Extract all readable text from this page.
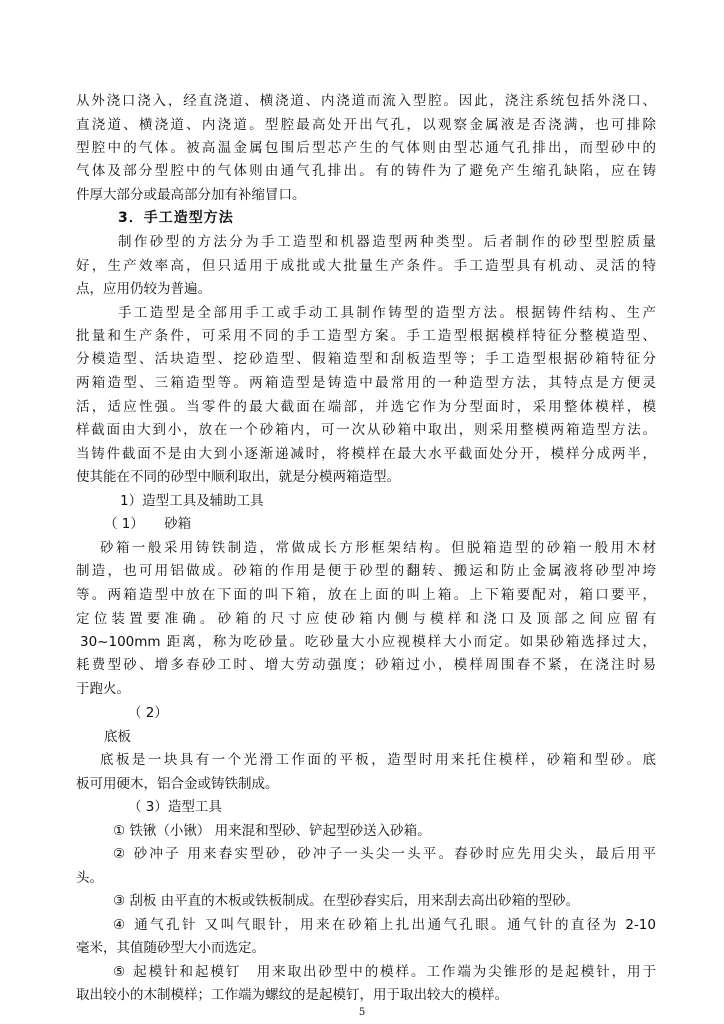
从外浇口浇入，经直浇道、横浇道、内浇道而流入型腔。因此，浇注系统包括外浇口、
直浇道、横浇道、内浇道。型腔最高处开出气孔，以观察金属液是否浇满，也可排除
型腔中的气体。被高温金属包围后型芯产生的气体则由型芯通气孔排出，而型砂中的
气体及部分型腔中的气体则由通气孔排出。有的铸件为了避免产生缩孔缺陷，应在铸
件厚大部分或最高部分加有补缩冒口。
3．手工造型方法
制作砂型的方法分为手工造型和机器造型两种类型。后者制作的砂型型腔质量
好，生产效率高，但只适用于成批或大批量生产条件。手工造型具有机动、灵活的特
点，应用仍较为普遍。
手工造型是全部用手工或手动工具制作铸型的造型方法。根据铸件结构、生产
批量和生产条件，可采用不同的手工造型方案。手工造型根据模样特征分整模造型、
分模造型、活块造型、挖砂造型、假箱造型和刮板造型等；手工造型根据砂箱特征分
两箱造型、三箱造型等。两箱造型是铸造中最常用的一种造型方法，其特点是方便灵
活，适应性强。当零件的最大截面在端部，并选它作为分型面时，采用整体模样，模
样截面由大到小，放在一个砂箱内，可一次从砂箱中取出，则采用整模两箱造型方法。
当铸件截面不是由大到小逐渐递减时，将模样在最大水平截面处分开，模样分成两半，
使其能在不同的砂型中顺利取出，就是分模两箱造型。
1）造型工具及辅助工具
（ 1）　　砂箱
砂箱一般采用铸铁制造，常做成长方形框架结构。但脱箱造型的砂箱一般用木材
制造，也可用铝做成。砂箱的作用是便于砂型的翻转、搬运和防止金属液将砂型冲垮
等。两箱造型中放在下面的叫下箱，放在上面的叫上箱。上下箱要配对，箱口要平，
定位装置要准确。砂箱的尺寸应使砂箱内侧与模样和浇口及顶部之间应留有
30~100mm 距离，称为吃砂量。吃砂量大小应视模样大小而定。如果砂箱选择过大，
耗费型砂、增多春砂工时、增大劳动强度；砂箱过小，模样周围春不紧，在浇注时易
于跑火。
（ 2）
底板
底板是一块具有一个光滑工作面的平板，造型时用来托住模样，砂箱和型砂。底
板可用硬木，铝合金或铸铁制成。
（ 3）造型工具
① 铁锹（小锹） 用来混和型砂、铲起型砂送入砂箱。
② 砂冲子 用来舂实型砂，砂冲子一头尖一头平。舂砂时应先用尖头，最后用平
头。
③ 刮板 由平直的木板或铁板制成。在型砂舂实后，用来刮去高出砂箱的型砂。
④ 通气孔针 又叫气眼针，用来在砂箱上扎出通气孔眼。通气针的直径为 2-10
毫米，其值随砂型大小而选定。
⑤ 起模针和起模钉　用来取出砂型中的模样。工作端为尖锥形的是起模针，用于
取出较小的木制模样；工作端为螺纹的是起模钉，用于取出较大的模样。
5
